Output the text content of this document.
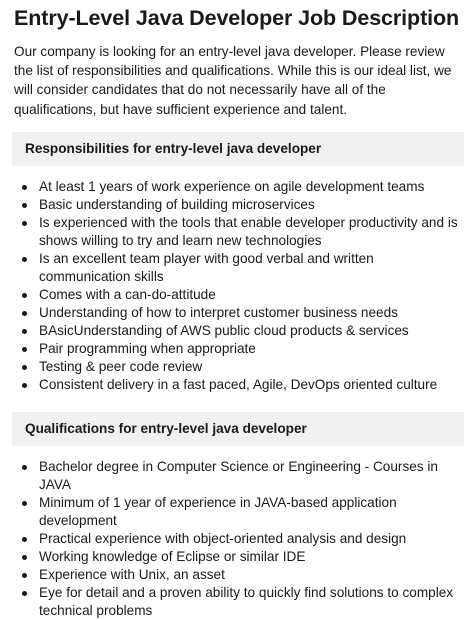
Entry-Level Java Developer Job Description
Our company is looking for an entry-level java developer. Please review the list of responsibilities and qualifications. While this is our ideal list, we will consider candidates that do not necessarily have all of the qualifications, but have sufficient experience and talent.
Responsibilities for entry-level java developer
At least 1 years of work experience on agile development teams
Basic understanding of building microservices
Is experienced with the tools that enable developer productivity and is shows willing to try and learn new technologies
Is an excellent team player with good verbal and written communication skills
Comes with a can-do-attitude
Understanding of how to interpret customer business needs
BAsicUnderstanding of AWS public cloud products & services
Pair programming when appropriate
Testing & peer code review
Consistent delivery in a fast paced, Agile, DevOps oriented culture
Qualifications for entry-level java developer
Bachelor degree in Computer Science or Engineering - Courses in JAVA
Minimum of 1 year of experience in JAVA-based application development
Practical experience with object-oriented analysis and design
Working knowledge of Eclipse or similar IDE
Experience with Unix, an asset
Eye for detail and a proven ability to quickly find solutions to complex technical problems
